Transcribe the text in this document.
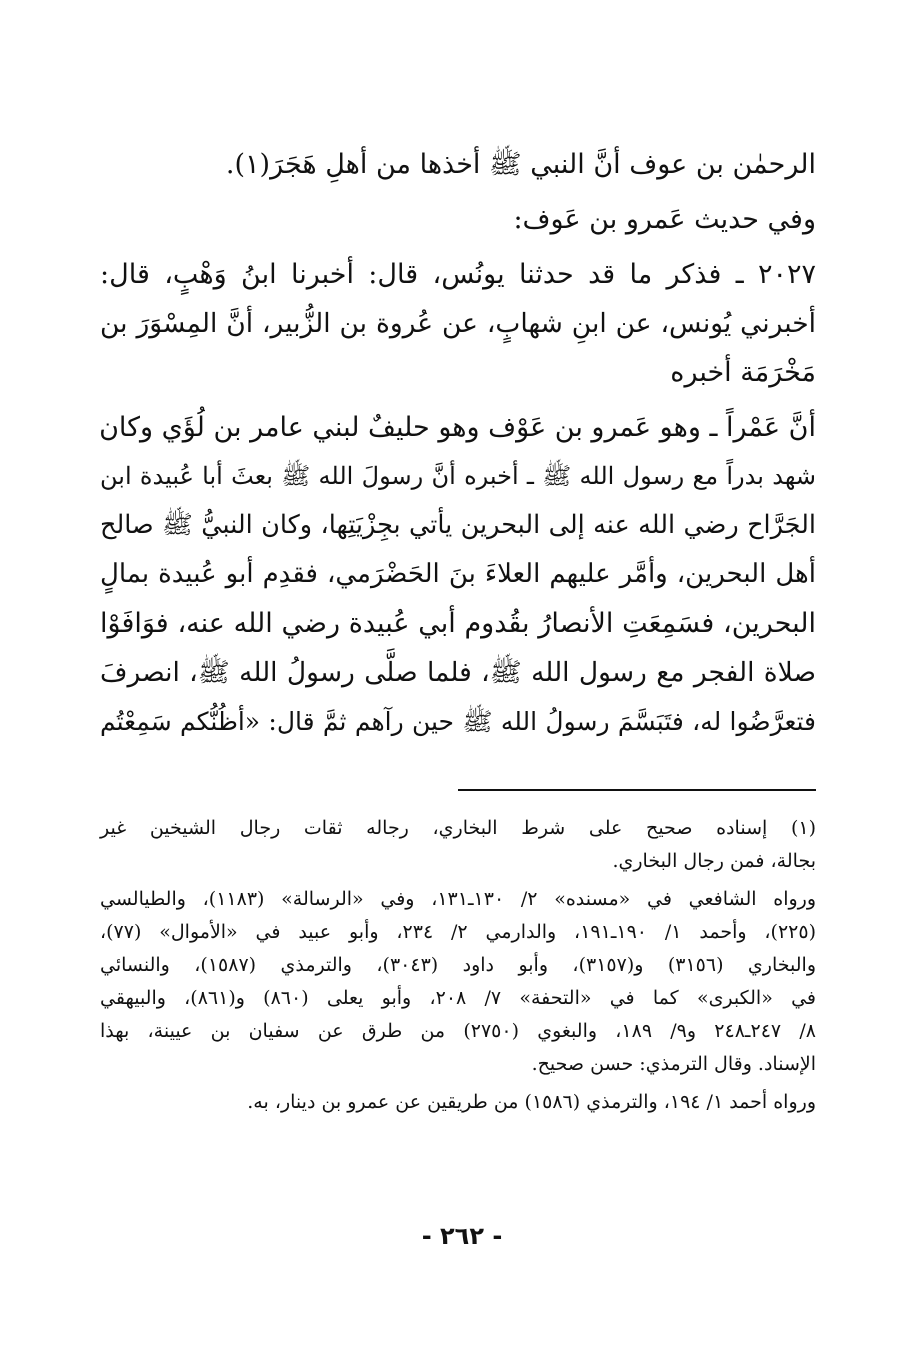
الرحمٰن بن عوف أنَّ النبي ﷺ أخذها من أهلِ هَجَرَ(١).
وفي حديث عَمرو بن عَوف:
٢٠٢٧ ـ فذكر ما قد حدثنا يونُس، قال: أخبرنا ابنُ وَهْبٍ، قال:
أخبرني يُونس، عن ابنِ شهابٍ، عن عُروة بن الزُّبير، أنَّ المِسْوَرَ بن
مَخْرَمَة أخبره
أنَّ عَمْراً ـ وهو عَمرو بن عَوْف وهو حليفٌ لبني عامر بن لُؤَي وكان
شهد بدراً مع رسول الله ﷺ ـ أخبره أنَّ رسولَ الله ﷺ بعثَ أبا عُبيدة ابن
الجَرَّاح رضي الله عنه إلى البحرين يأتي بجِزْيَتِها، وكان النبيُّ ﷺ صالح
أهل البحرين، وأمَّر عليهم العلاءَ بنَ الحَضْرَمي، فقدِم أبو عُبيدة بمالٍ
البحرين، فسَمِعَتِ الأنصارُ بقُدوم أبي عُبيدة رضي الله عنه، فوَافَوْا
صلاة الفجر مع رسول الله ﷺ، فلما صلَّى رسولُ الله ﷺ، انصرفَ
فتعرَّضُوا له، فتَبَسَّمَ رسولُ الله ﷺ حين رآهم ثمَّ قال: «أظُنُّكم سَمِعْتُم
(١) إسناده صحيح على شرط البخاري، رجاله ثقات رجال الشيخين غير
بجالة، فمن رجال البخاري.
ورواه الشافعي في «مسنده» ٢/ ١٣٠ـ١٣١، وفي «الرسالة» (١١٨٣)، والطيالسي
(٢٢٥)، وأحمد ١/ ١٩٠ـ١٩١، والدارمي ٢/ ٢٣٤، وأبو عبيد في «الأموال» (٧٧)،
والبخاري (٣١٥٦) و(٣١٥٧)، وأبو داود (٣٠٤٣)، والترمذي (١٥٨٧)، والنسائي
في «الكبرى» كما في «التحفة» ٧/ ٢٠٨، وأبو يعلى (٨٦٠) و(٨٦١)، والبيهقي
٨/ ٢٤٧ـ٢٤٨ و٩/ ١٨٩، والبغوي (٢٧٥٠) من طرق عن سفيان بن عيينة، بهذا
الإسناد. وقال الترمذي: حسن صحيح.
ورواه أحمد ١/ ١٩٤، والترمذي (١٥٨٦) من طريقين عن عمرو بن دينار، به.
- ٢٦٢ -
